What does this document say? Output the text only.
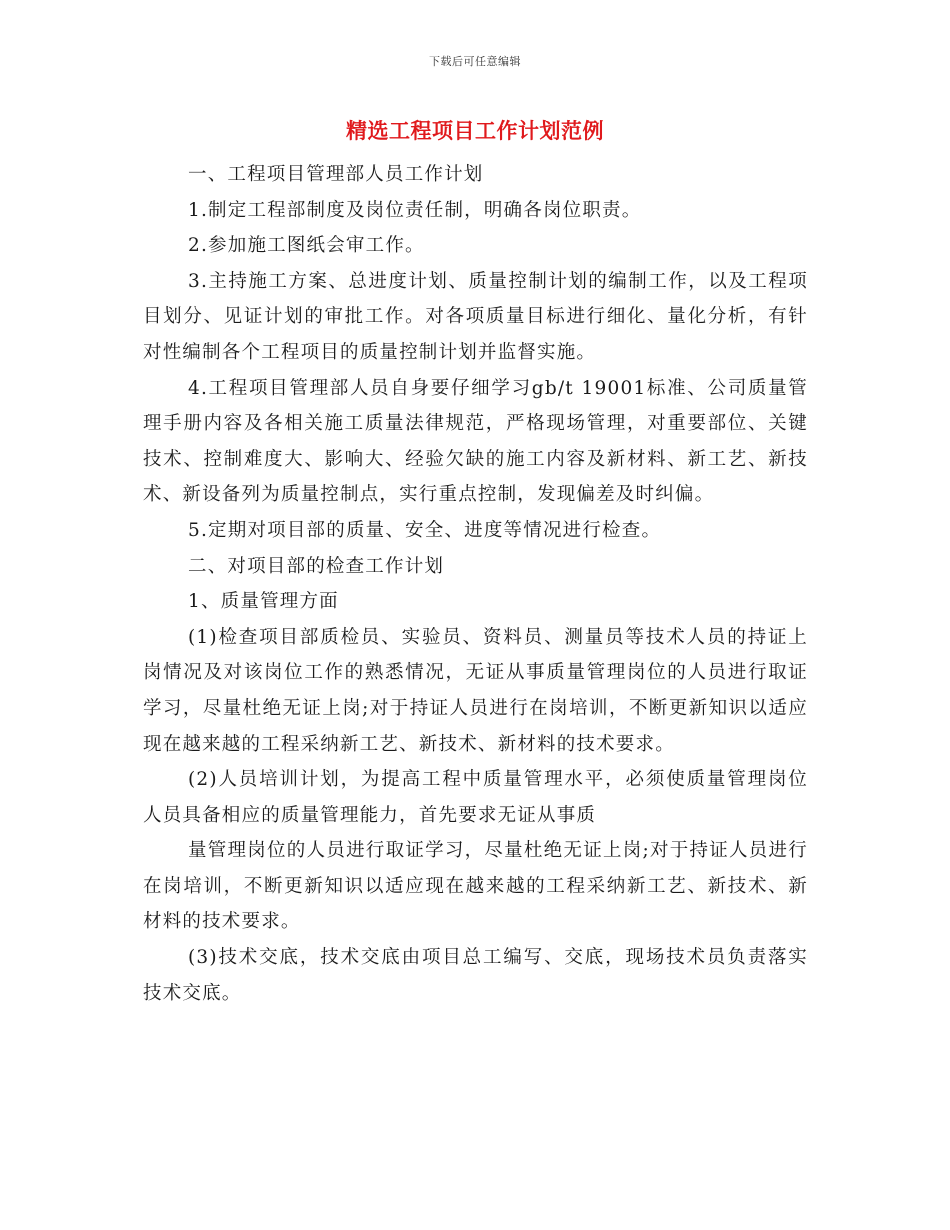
下载后可任意编辑
精选工程项目工作计划范例

一、工程项目管理部人员工作计划

1.制定工程部制度及岗位责任制，明确各岗位职责。

2.参加施工图纸会审工作。

3.主持施工方案、总进度计划、质量控制计划的编制工作，以及工程项目划分、见证计划的审批工作。对各项质量目标进行细化、量化分析，有针对性编制各个工程项目的质量控制计划并监督实施。

4.工程项目管理部人员自身要仔细学习gb/t 19001标准、公司质量管理手册内容及各相关施工质量法律规范，严格现场管理，对重要部位、关键技术、控制难度大、影响大、经验欠缺的施工内容及新材料、新工艺、新技术、新设备列为质量控制点，实行重点控制，发现偏差及时纠偏。

5.定期对项目部的质量、安全、进度等情况进行检查。

二、对项目部的检查工作计划

1、质量管理方面

(1)检查项目部质检员、实验员、资料员、测量员等技术人员的持证上岗情况及对该岗位工作的熟悉情况，无证从事质量管理岗位的人员进行取证学习，尽量杜绝无证上岗;对于持证人员进行在岗培训，不断更新知识以适应现在越来越的工程采纳新工艺、新技术、新材料的技术要求。

(2)人员培训计划，为提高工程中质量管理水平，必须使质量管理岗位人员具备相应的质量管理能力，首先要求无证从事质

量管理岗位的人员进行取证学习，尽量杜绝无证上岗;对于持证人员进行在岗培训，不断更新知识以适应现在越来越的工程采纳新工艺、新技术、新材料的技术要求。

(3)技术交底，技术交底由项目总工编写、交底，现场技术员负责落实技术交底。
